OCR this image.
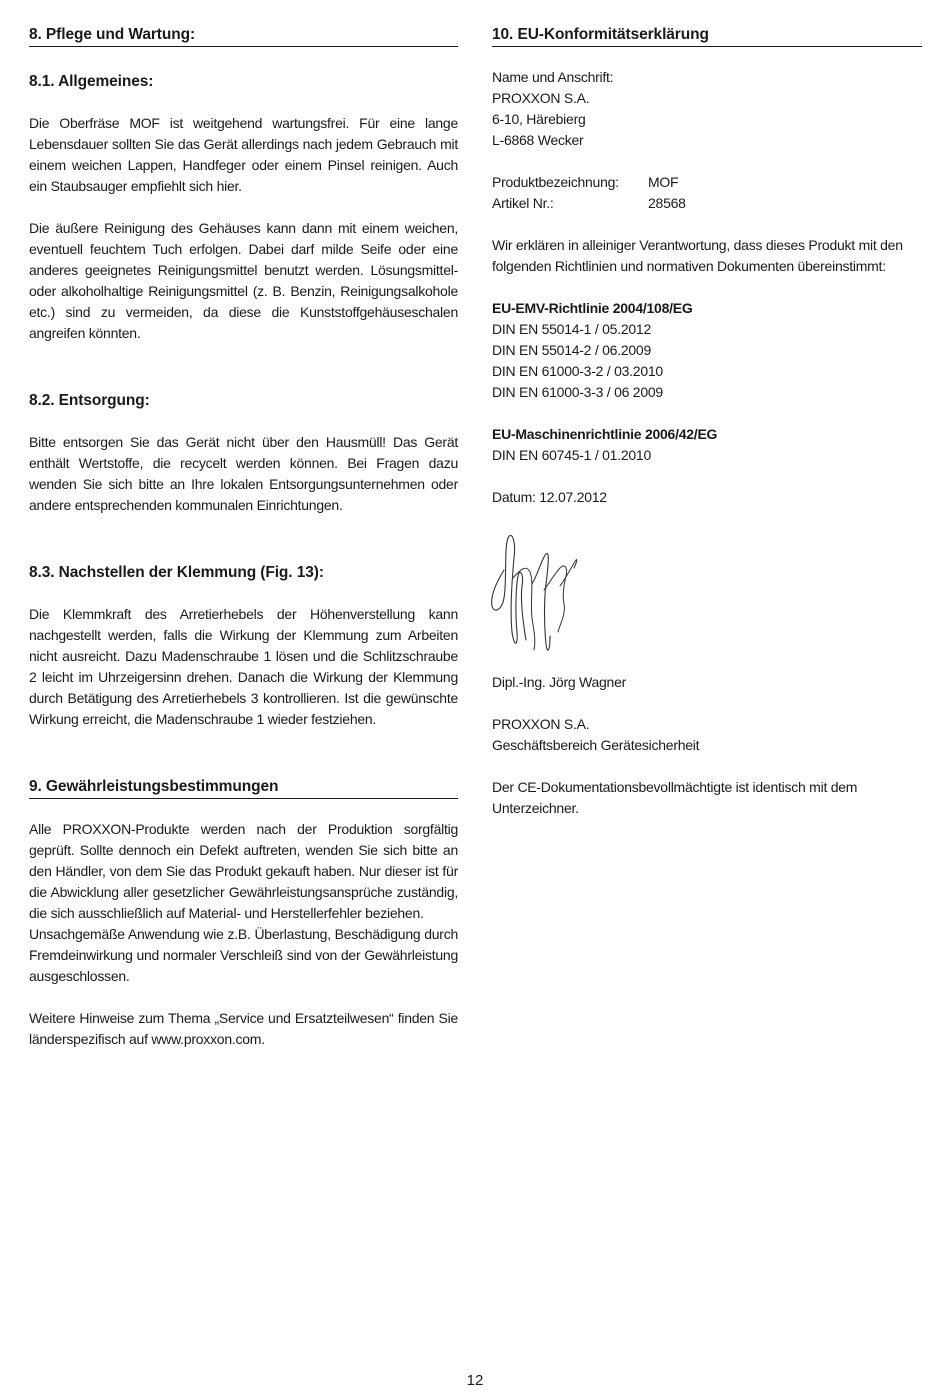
8. Pflege und Wartung:
8.1. Allgemeines:

Die Oberfräse MOF ist weitgehend wartungsfrei. Für eine lange Lebensdauer sollten Sie das Gerät allerdings nach jedem Gebrauch mit einem weichen Lappen, Handfeger oder einem Pinsel reinigen. Auch ein Staubsauger empfiehlt sich hier.

Die äußere Reinigung des Gehäuses kann dann mit einem weichen, eventuell feuchtem Tuch erfolgen. Dabei darf milde Seife oder eine anderes geeignetes Reinigungsmittel benutzt werden. Lösungsmittel- oder alkoholhaltige Reinigungsmittel (z. B. Benzin, Reinigungsalkohole etc.) sind zu vermeiden, da diese die Kunststoffgehäuseschalen angreifen könnten.

8.2. Entsorgung:

Bitte entsorgen Sie das Gerät nicht über den Hausmüll! Das Gerät enthält Wertstoffe, die recycelt werden können. Bei Fragen dazu wenden Sie sich bitte an Ihre lokalen Entsorgungsunternehmen oder andere entsprechenden kommunalen Einrichtungen.

8.3. Nachstellen der Klemmung (Fig. 13):

Die Klemmkraft des Arretierhebels der Höhenverstellung kann nachgestellt werden, falls die Wirkung der Klemmung zum Arbeiten nicht ausreicht. Dazu Madenschraube 1 lösen und die Schlitzschraube 2 leicht im Uhrzeigersinn drehen. Danach die Wirkung der Klemmung durch Betätigung des Arretierhebels 3 kontrollieren. Ist die gewünschte Wirkung erreicht, die Madenschraube 1 wieder festziehen.

9. Gewährleistungsbestimmungen

Alle PROXXON-Produkte werden nach der Produktion sorgfältig geprüft. Sollte dennoch ein Defekt auftreten, wenden Sie sich bitte an den Händler, von dem Sie das Produkt gekauft haben. Nur dieser ist für die Abwicklung aller gesetzlicher Gewährleistungsansprüche zuständig, die sich ausschließlich auf Material- und Herstellerfehler beziehen.

Unsachgemäße Anwendung wie z.B. Überlastung, Beschädigung durch Fremdeinwirkung und normaler Verschleiß sind von der Gewährleistung ausgeschlossen.

Weitere Hinweise zum Thema „Service und Ersatzteilwesen“ finden Sie länderspezifisch auf www.proxxon.com.

10. EU-Konformitätserklärung

Name und Anschrift:

PROXXON S.A.

6-10, Härebierg

L-6868 Wecker

Produktbezeichnung:	MOF
Artikel Nr.:	28568

Wir erklären in alleiniger Verantwortung, dass dieses Produkt mit den folgenden Richtlinien und normativen Dokumenten übereinstimmt:

EU-EMV-Richtlinie 2004/108/EG

DIN EN 55014-1 / 05.2012

DIN EN 55014-2 / 06.2009

DIN EN 61000-3-2 / 03.2010

DIN EN 61000-3-3 / 06 2009

EU-Maschinenrichtlinie 2006/42/EG

DIN EN 60745-1 / 01.2010

Datum: 12.07.2012

Dipl.-Ing. Jörg Wagner

PROXXON S.A.

Geschäftsbereich Gerätesicherheit

Der CE-Dokumentationsbevollmächtigte ist identisch mit dem Unterzeichner.

12
